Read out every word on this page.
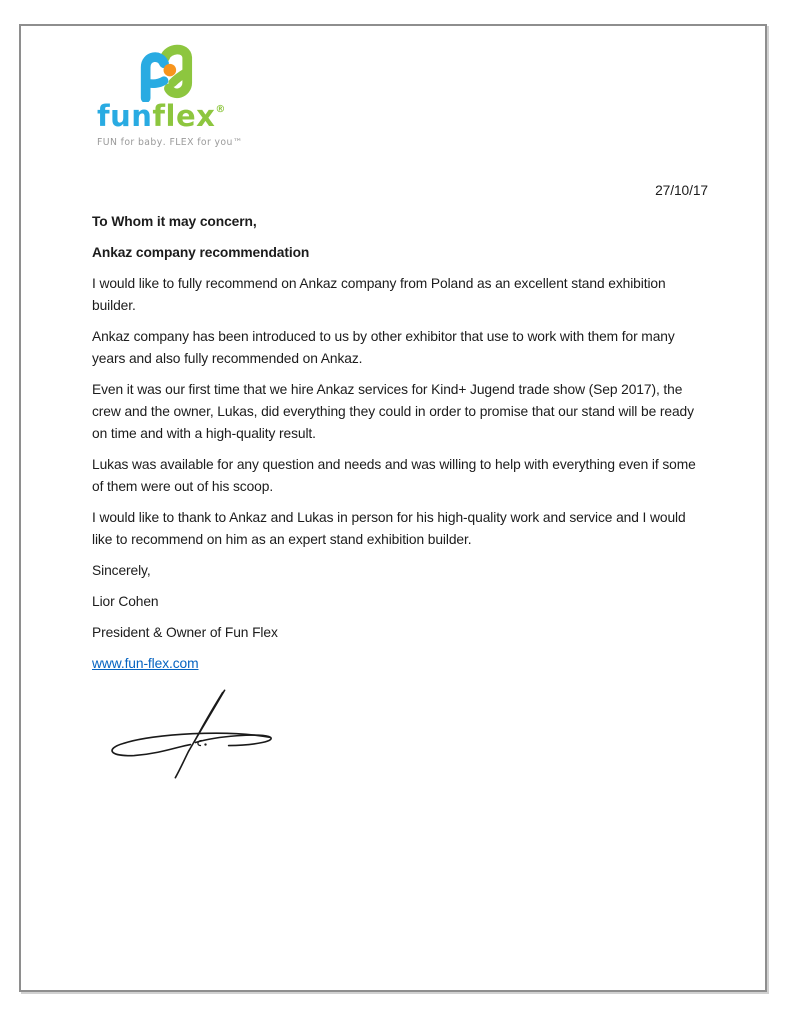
funflex®
FUN for baby․ FLEX for you™

27/10/17

To Whom it may concern,

Ankaz company recommendation

I would like to fully recommend on Ankaz company from Poland as an excellent stand exhibition builder.

Ankaz company has been introduced to us by other exhibitor that use to work with them for many years and also fully recommended on Ankaz.

Even it was our first time that we hire Ankaz services for Kind+ Jugend trade show (Sep 2017), the crew and the owner, Lukas, did everything they could in order to promise that our stand will be ready on time and with a high-quality result.

Lukas was available for any question and needs and was willing to help with everything even if some of them were out of his scoop.

I would like to thank to Ankaz and Lukas in person for his high-quality work and service and I would like to recommend on him as an expert stand exhibition builder.

Sincerely,

Lior Cohen

President & Owner of Fun Flex

www.fun-flex.com
